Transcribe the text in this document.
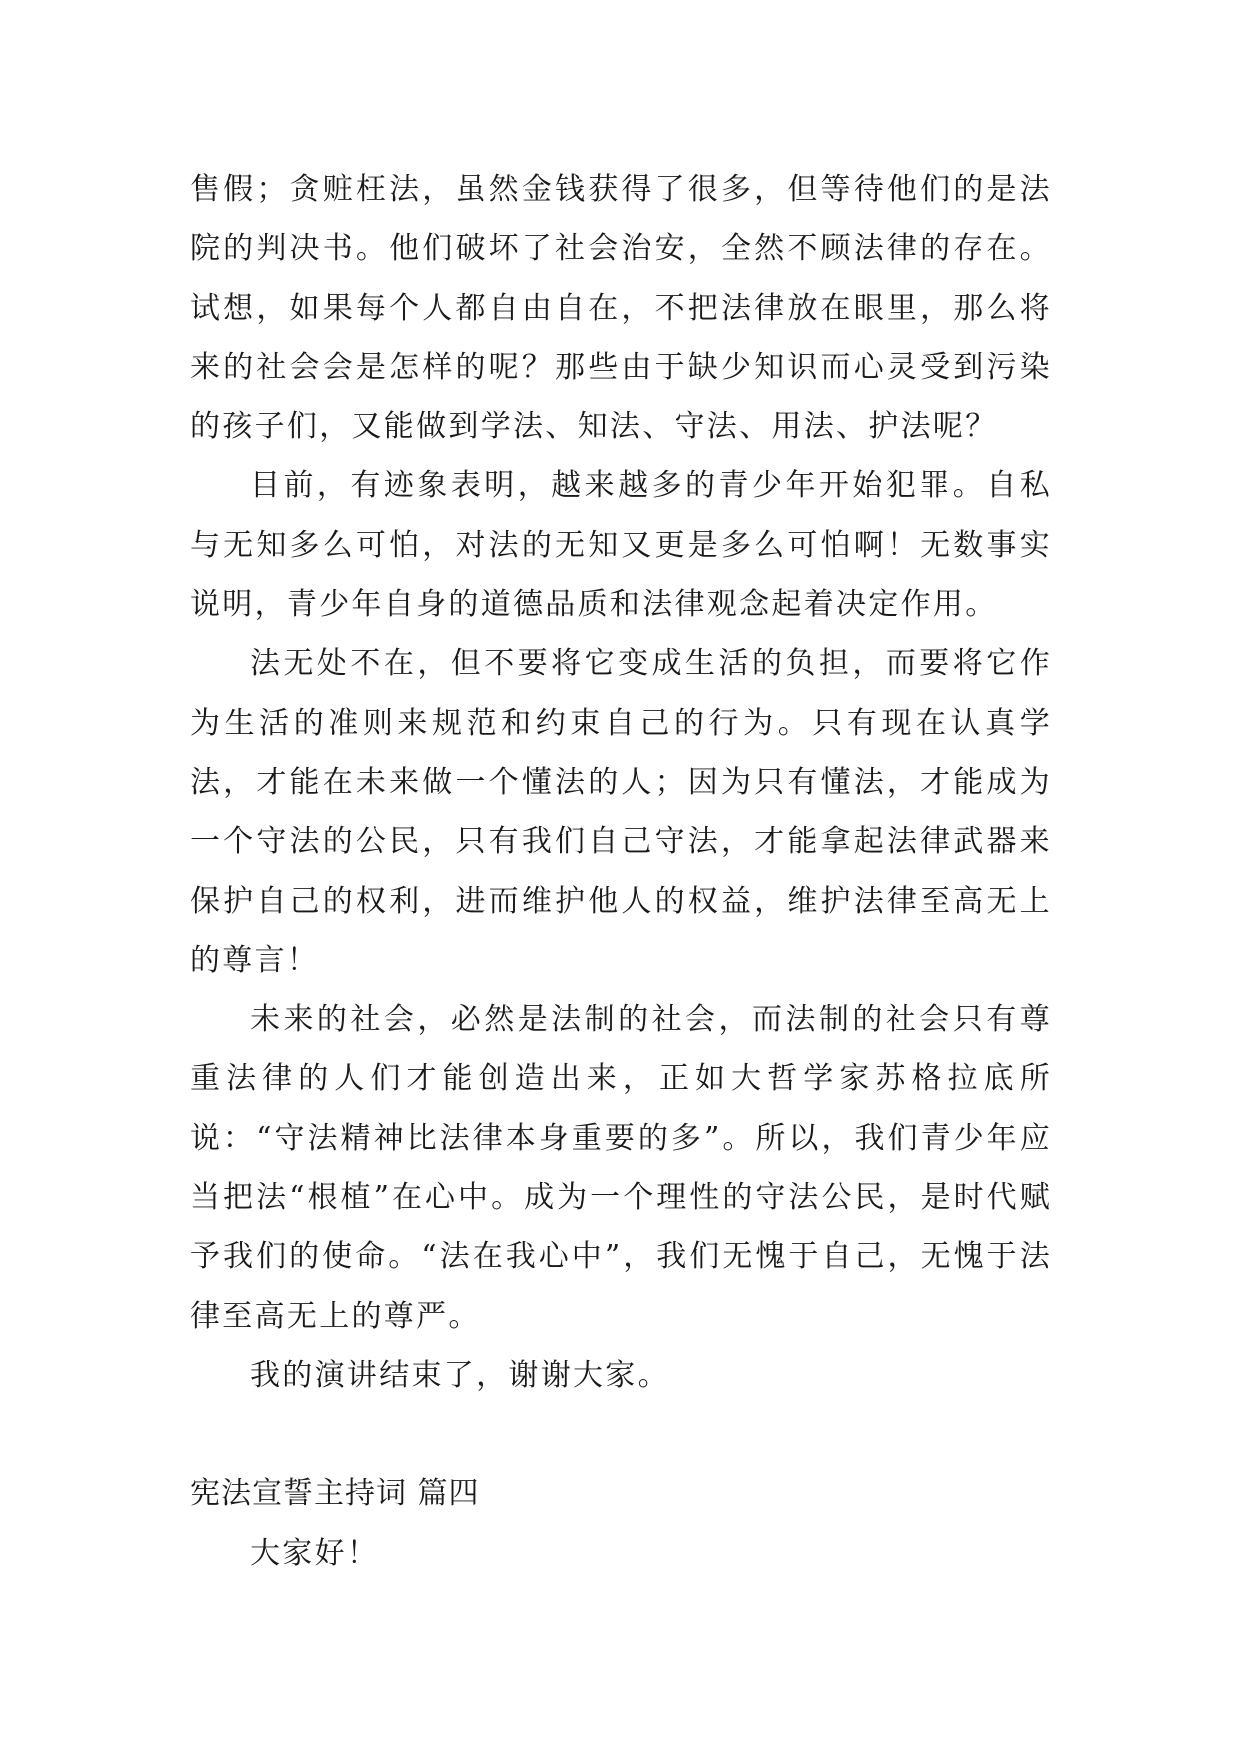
售假；贪赃枉法，虽然金钱获得了很多，但等待他们的是法院的判决书。他们破坏了社会治安，全然不顾法律的存在。试想，如果每个人都自由自在，不把法律放在眼里，那么将来的社会会是怎样的呢？那些由于缺少知识而心灵受到污染的孩子们，又能做到学法、知法、守法、用法、护法呢？

目前，有迹象表明，越来越多的青少年开始犯罪。自私与无知多么可怕，对法的无知又更是多么可怕啊！无数事实说明，青少年自身的道德品质和法律观念起着决定作用。

法无处不在，但不要将它变成生活的负担，而要将它作为生活的准则来规范和约束自己的行为。只有现在认真学法，才能在未来做一个懂法的人；因为只有懂法，才能成为一个守法的公民，只有我们自己守法，才能拿起法律武器来保护自己的权利，进而维护他人的权益，维护法律至高无上的尊言！

未来的社会，必然是法制的社会，而法制的社会只有尊重法律的人们才能创造出来，正如大哲学家苏格拉底所说：“守法精神比法律本身重要的多”。所以，我们青少年应当把法“根植”在心中。成为一个理性的守法公民，是时代赋予我们的使命。“法在我心中”，我们无愧于自己，无愧于法律至高无上的尊严。

我的演讲结束了，谢谢大家。

宪法宣誓主持词 篇四

大家好！
